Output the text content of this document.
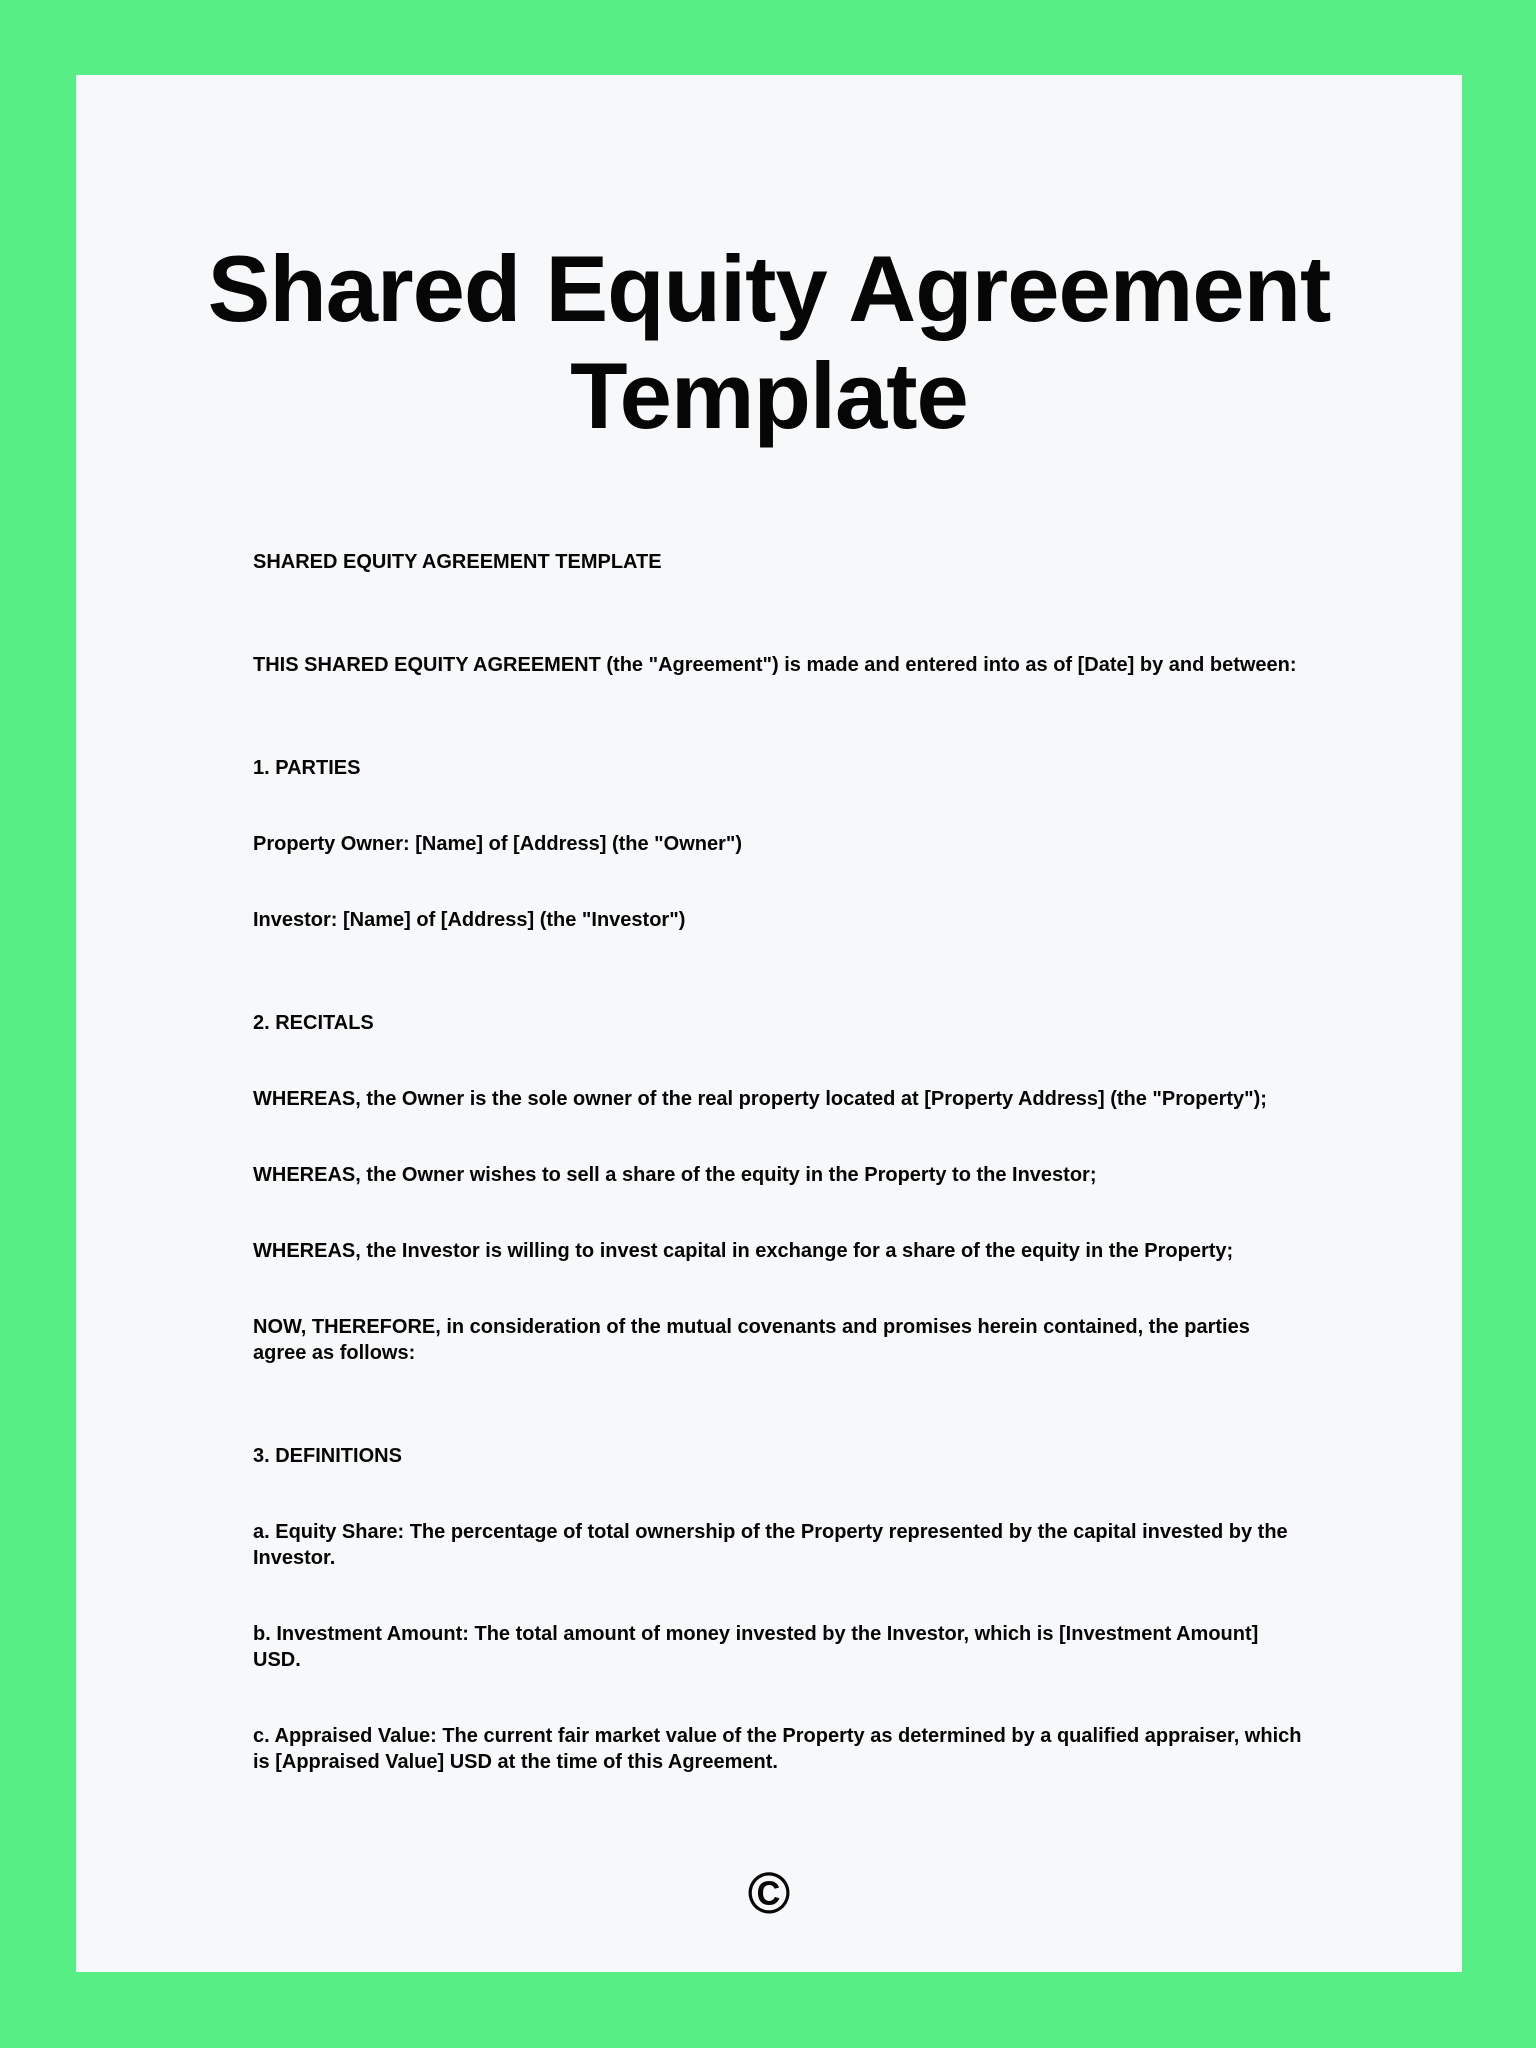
Shared Equity Agreement Template

SHARED EQUITY AGREEMENT TEMPLATE

THIS SHARED EQUITY AGREEMENT (the "Agreement") is made and entered into as of [Date] by and between:

1. PARTIES

Property Owner: [Name] of [Address] (the "Owner")

Investor: [Name] of [Address] (the "Investor")

2. RECITALS

WHEREAS, the Owner is the sole owner of the real property located at [Property Address] (the "Property");

WHEREAS, the Owner wishes to sell a share of the equity in the Property to the Investor;

WHEREAS, the Investor is willing to invest capital in exchange for a share of the equity in the Property;

NOW, THEREFORE, in consideration of the mutual covenants and promises herein contained, the parties agree as follows:

3. DEFINITIONS

a. Equity Share: The percentage of total ownership of the Property represented by the capital invested by the Investor.

b. Investment Amount: The total amount of money invested by the Investor, which is [Investment Amount] USD.

c. Appraised Value: The current fair market value of the Property as determined by a qualified appraiser, which is [Appraised Value] USD at the time of this Agreement.

©
